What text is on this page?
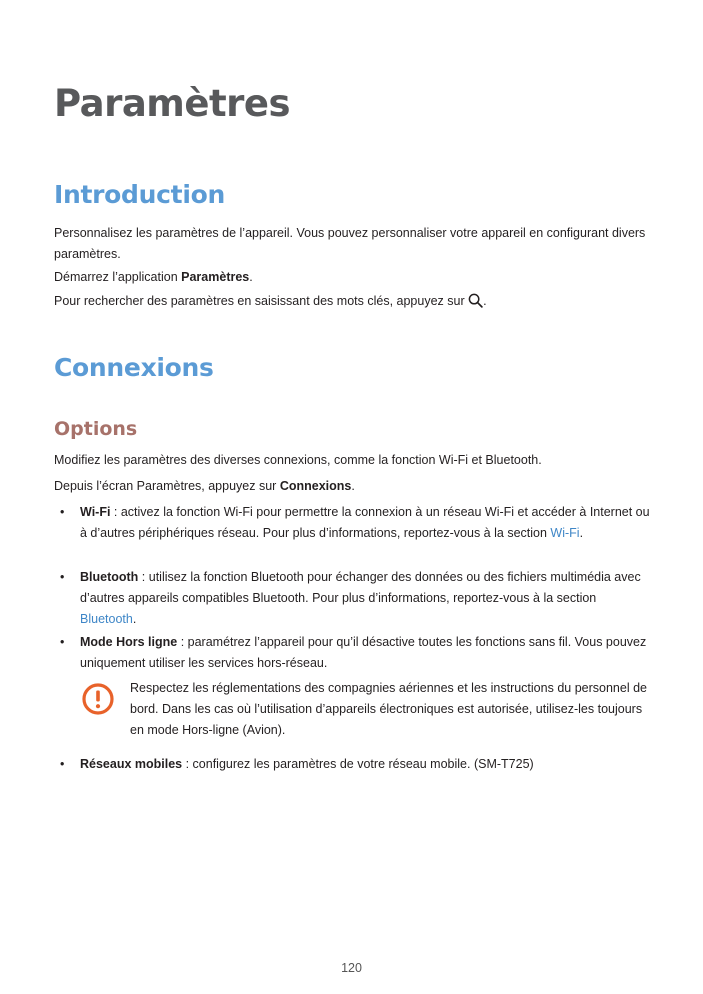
Paramètres
Introduction

Personnalisez les paramètres de l’appareil. Vous pouvez personnaliser votre appareil en configurant divers paramètres.

Démarrez l’application Paramètres.

Pour rechercher des paramètres en saisissant des mots clés, appuyez sur .

Connexions
Options

Modifiez les paramètres des diverses connexions, comme la fonction Wi-Fi et Bluetooth.

Depuis l’écran Paramètres, appuyez sur Connexions.

• Wi-Fi : activez la fonction Wi-Fi pour permettre la connexion à un réseau Wi-Fi et accéder à Internet ou à d’autres périphériques réseau. Pour plus d’informations, reportez-vous à la section Wi-Fi.
• Bluetooth : utilisez la fonction Bluetooth pour échanger des données ou des fichiers multimédia avec d’autres appareils compatibles Bluetooth. Pour plus d’informations, reportez-vous à la section Bluetooth.
• Mode Hors ligne : paramétrez l’appareil pour qu’il désactive toutes les fonctions sans fil. Vous pouvez uniquement utiliser les services hors-réseau.
Respectez les réglementations des compagnies aériennes et les instructions du personnel de bord. Dans les cas où l’utilisation d’appareils électroniques est autorisée, utilisez-les toujours en mode Hors-ligne (Avion).
• Réseaux mobiles : configurez les paramètres de votre réseau mobile. (SM-T725)
120
